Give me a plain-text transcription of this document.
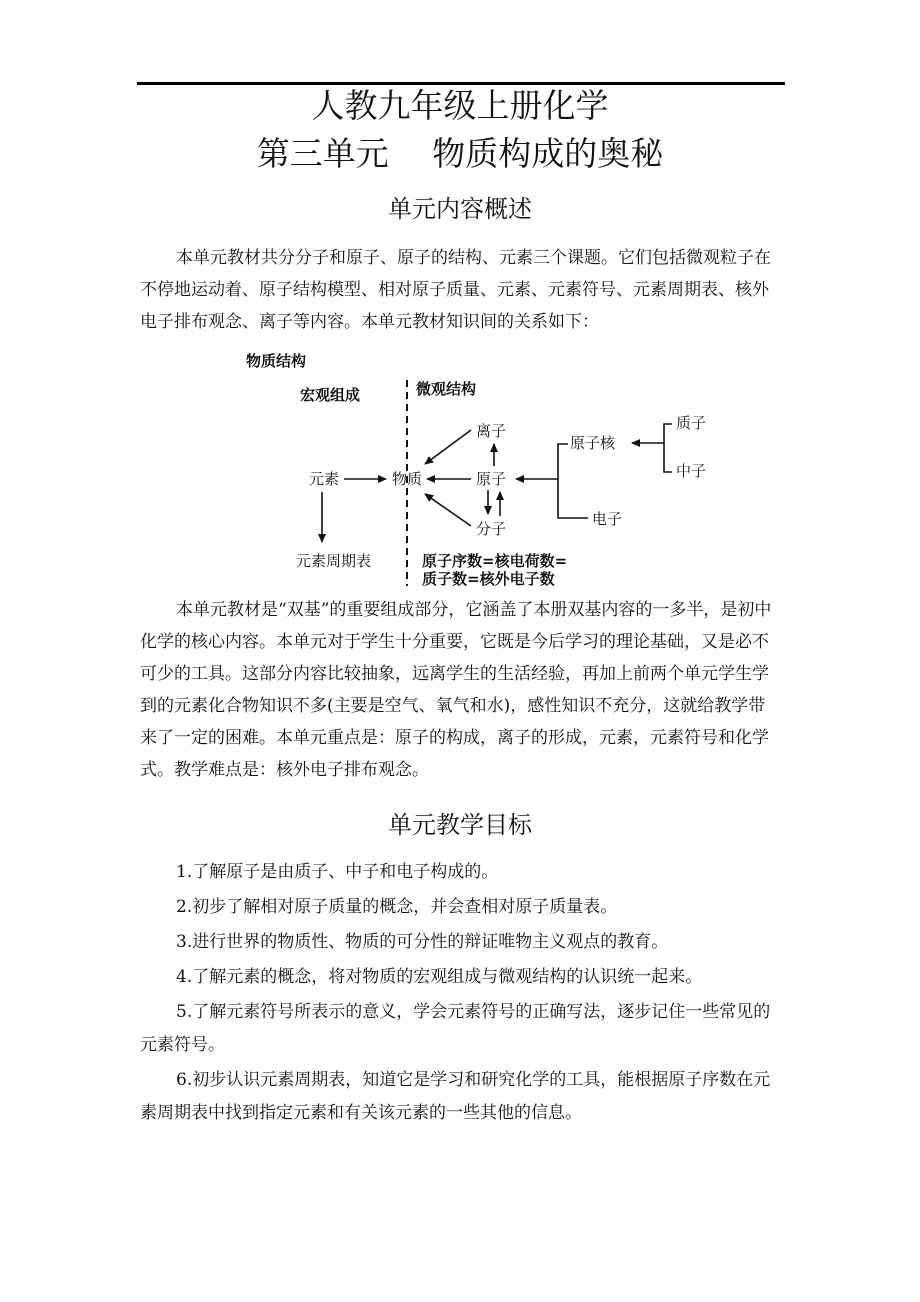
人教九年级上册化学
第三单元　 物质构成的奥秘
单元内容概述

本单元教材共分分子和原子、原子的结构、元素三个课题。它们包括微观粒子在不停地运动着、原子结构模型、相对原子质量、元素、元素符号、元素周期表、核外电子排布观念、离子等内容。本单元教材知识间的关系如下：

物质结构
宏观组成	微观结构
元素	物质
元素周期表
离子
原子
分子
原子核
质子
中子
电子
原子序数=核电荷数=
质子数=核外电子数

本单元教材是“双基”的重要组成部分，它涵盖了本册双基内容的一多半，是初中化学的核心内容。本单元对于学生十分重要，它既是今后学习的理论基础，又是必不可少的工具。这部分内容比较抽象，远离学生的生活经验，再加上前两个单元学生学到的元素化合物知识不多(主要是空气、氧气和水)，感性知识不充分，这就给教学带来了一定的困难。本单元重点是：原子的构成，离子的形成，元素，元素符号和化学式。教学难点是：核外电子排布观念。

单元教学目标

1.了解原子是由质子、中子和电子构成的。

2.初步了解相对原子质量的概念，并会查相对原子质量表。

3.进行世界的物质性、物质的可分性的辩证唯物主义观点的教育。

4.了解元素的概念，将对物质的宏观组成与微观结构的认识统一起来。

5.了解元素符号所表示的意义，学会元素符号的正确写法，逐步记住一些常见的元素符号。

6.初步认识元素周期表，知道它是学习和研究化学的工具，能根据原子序数在元素周期表中找到指定元素和有关该元素的一些其他的信息。
